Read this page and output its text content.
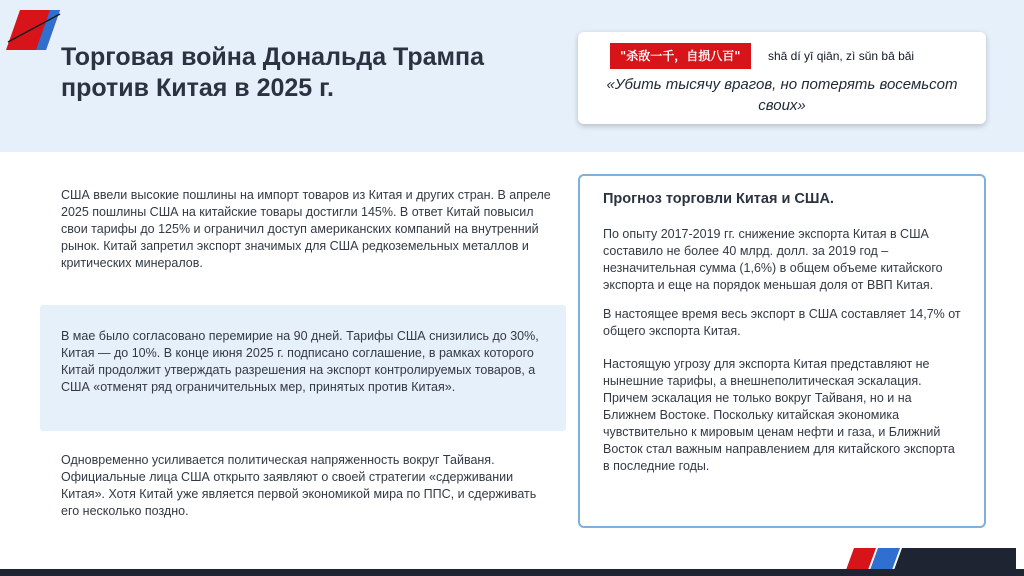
Торговая война Дональда Трампа против Китая в 2025 г.
"杀敌一千，自损八百"	shā dí yī qiān, zì sǔn bā bǎi
«Убить тысячу врагов, но потерять восемьсот своих»
США ввели высокие пошлины на импорт товаров из Китая и других стран. В апреле 2025 пошлины США на китайские товары достигли 145%. В ответ Китай повысил свои тарифы до 125% и ограничил доступ американских компаний на внутренний рынок. Китай запретил экспорт значимых для США редкоземельных металлов и критических минералов.
В мае было согласовано перемирие на 90 дней. Тарифы США снизились до 30%, Китая — до 10%. В конце июня 2025 г. подписано соглашение, в рамках которого Китай продолжит утверждать разрешения на экспорт контролируемых товаров, а США «отменят ряд ограничительных мер, принятых против Китая».
Одновременно усиливается политическая напряженность вокруг Тайваня. Официальные лица США открыто заявляют о своей стратегии «сдерживании Китая». Хотя Китай уже является первой экономикой мира по ППС, и сдерживать его несколько поздно.
Прогноз торговли Китая и США.
По опыту 2017-2019 гг. снижение экспорта Китая в США составило не более 40 млрд. долл. за 2019 год – незначительная сумма (1,6%) в общем объеме китайского экспорта и еще на порядок меньшая доля от ВВП Китая.
В настоящее время весь экспорт в США составляет 14,7% от общего экспорта Китая.
Настоящую угрозу для экспорта Китая представляют не нынешние тарифы, а внешнеполитическая эскалация. Причем эскалация не только вокруг Тайваня, но и на Ближнем Востоке. Поскольку китайская экономика чувствительно к мировым ценам нефти и газа, и Ближний Восток стал важным направлением для китайского экспорта в последние годы.
